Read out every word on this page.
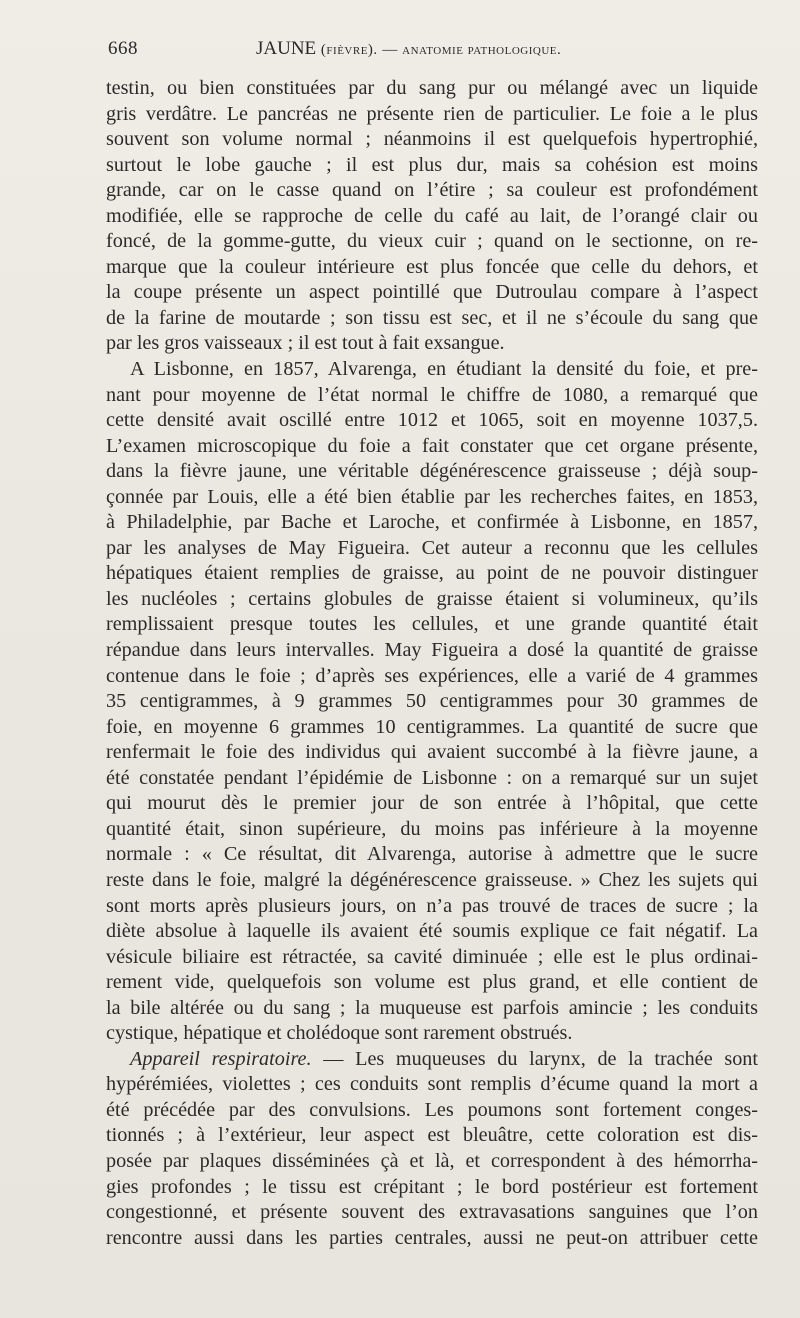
668	JAUNE (fièvre). — anatomie pathologique.
testin, ou bien constituées par du sang pur ou mélangé avec un liquide
gris verdâtre. Le pancréas ne présente rien de particulier. Le foie a le plus
souvent son volume normal ; néanmoins il est quelquefois hypertrophié,
surtout le lobe gauche ; il est plus dur, mais sa cohésion est moins
grande, car on le casse quand on l’étire ; sa couleur est profondément
modifiée, elle se rapproche de celle du café au lait, de l’orangé clair ou
foncé, de la gomme-gutte, du vieux cuir ; quand on le sectionne, on re-
marque que la couleur intérieure est plus foncée que celle du dehors, et
la coupe présente un aspect pointillé que Dutroulau compare à l’aspect
de la farine de moutarde ; son tissu est sec, et il ne s’écoule du sang que
par les gros vaisseaux ; il est tout à fait exsangue.
A Lisbonne, en 1857, Alvarenga, en étudiant la densité du foie, et pre-
nant pour moyenne de l’état normal le chiffre de 1080, a remarqué que
cette densité avait oscillé entre 1012 et 1065, soit en moyenne 1037,5.
L’examen microscopique du foie a fait constater que cet organe présente,
dans la fièvre jaune, une véritable dégénérescence graisseuse ; déjà soup-
çonnée par Louis, elle a été bien établie par les recherches faites, en 1853,
à Philadelphie, par Bache et Laroche, et confirmée à Lisbonne, en 1857,
par les analyses de May Figueira. Cet auteur a reconnu que les cellules
hépatiques étaient remplies de graisse, au point de ne pouvoir distinguer
les nucléoles ; certains globules de graisse étaient si volumineux, qu’ils
remplissaient presque toutes les cellules, et une grande quantité était
répandue dans leurs intervalles. May Figueira a dosé la quantité de graisse
contenue dans le foie ; d’après ses expériences, elle a varié de 4 grammes
35 centigrammes, à 9 grammes 50 centigrammes pour 30 grammes de
foie, en moyenne 6 grammes 10 centigrammes. La quantité de sucre que
renfermait le foie des individus qui avaient succombé à la fièvre jaune, a
été constatée pendant l’épidémie de Lisbonne : on a remarqué sur un sujet
qui mourut dès le premier jour de son entrée à l’hôpital, que cette
quantité était, sinon supérieure, du moins pas inférieure à la moyenne
normale : « Ce résultat, dit Alvarenga, autorise à admettre que le sucre
reste dans le foie, malgré la dégénérescence graisseuse. » Chez les sujets qui
sont morts après plusieurs jours, on n’a pas trouvé de traces de sucre ; la
diète absolue à laquelle ils avaient été soumis explique ce fait négatif. La
vésicule biliaire est rétractée, sa cavité diminuée ; elle est le plus ordinai-
rement vide, quelquefois son volume est plus grand, et elle contient de
la bile altérée ou du sang ; la muqueuse est parfois amincie ; les conduits
cystique, hépatique et cholédoque sont rarement obstrués.
Appareil respiratoire. — Les muqueuses du larynx, de la trachée sont
hypérémiées, violettes ; ces conduits sont remplis d’écume quand la mort a
été précédée par des convulsions. Les poumons sont fortement conges-
tionnés ; à l’extérieur, leur aspect est bleuâtre, cette coloration est dis-
posée par plaques disséminées çà et là, et correspondent à des hémorrha-
gies profondes ; le tissu est crépitant ; le bord postérieur est fortement
congestionné, et présente souvent des extravasations sanguines que l’on
rencontre aussi dans les parties centrales, aussi ne peut-on attribuer cette
